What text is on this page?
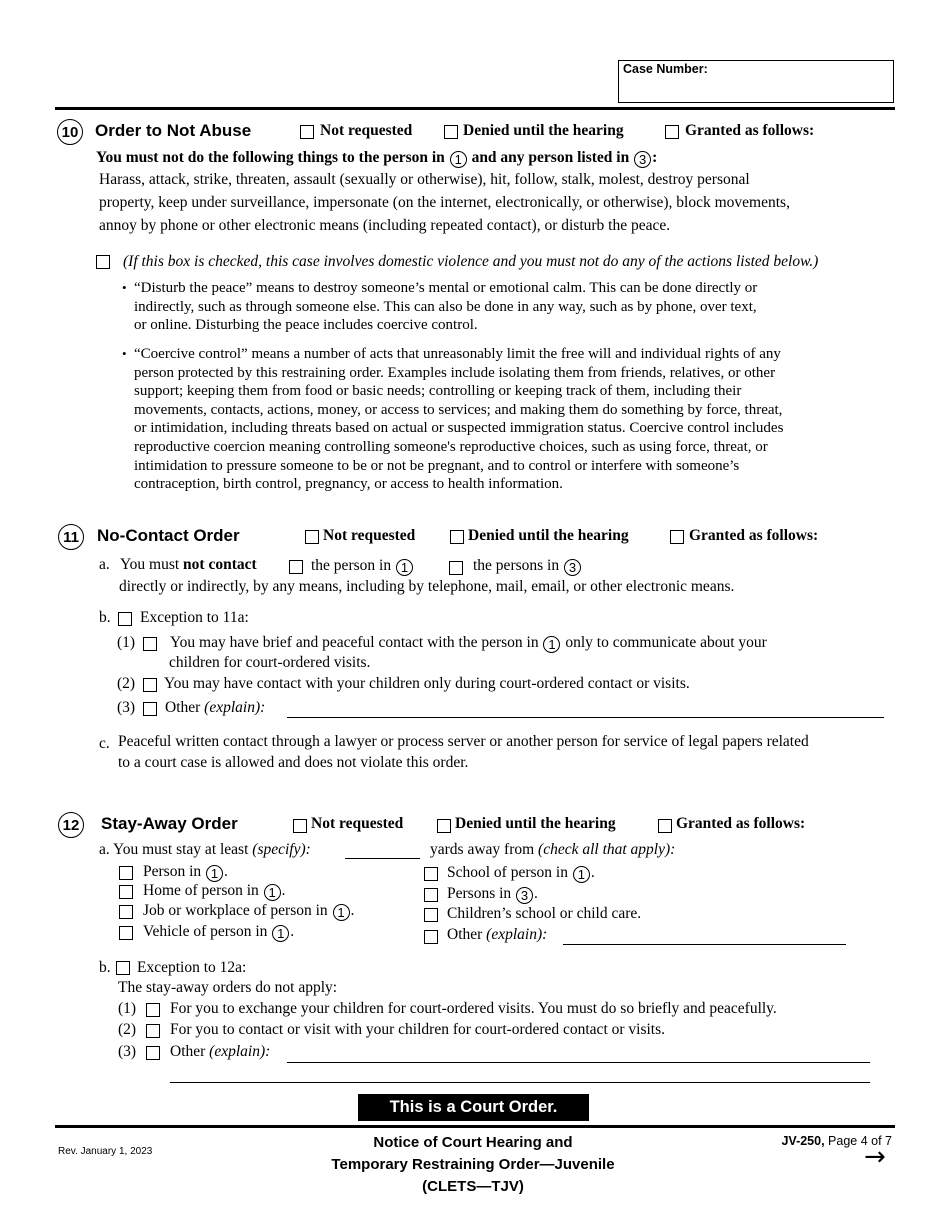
Case Number:
10 Order to Not Abuse	Not requested	Denied until the hearing	Granted as follows:
You must not do the following things to the person in 1 and any person listed in 3 :
Harass, attack, strike, threaten, assault (sexually or otherwise), hit, follow, stalk, molest, destroy personal
property, keep under surveillance, impersonate (on the internet, electronically, or otherwise), block movements,
annoy by phone or other electronic means (including repeated contact), or disturb the peace.
(If this box is checked, this case involves domestic violence and you must not do any of the actions listed below.)
• “Disturb the peace” means to destroy someone’s mental or emotional calm. This can be done directly or
indirectly, such as through someone else. This can also be done in any way, such as by phone, over text,
or online. Disturbing the peace includes coercive control.
• “Coercive control” means a number of acts that unreasonably limit the free will and individual rights of any
person protected by this restraining order. Examples include isolating them from friends, relatives, or other
support; keeping them from food or basic needs; controlling or keeping track of them, including their
movements, contacts, actions, money, or access to services; and making them do something by force, threat,
or intimidation, including threats based on actual or suspected immigration status. Coercive control includes
reproductive coercion meaning controlling someone's reproductive choices, such as using force, threat, or
intimidation to pressure someone to be or not be pregnant, and to control or interfere with someone’s
contraception, birth control, pregnancy, or access to health information.
11 No-Contact Order	Not requested	Denied until the hearing	Granted as follows:
a. You must not contact	the person in 1	the persons in 3
directly or indirectly, by any means, including by telephone, mail, email, or other electronic means.
b. Exception to 11a:
(1) You may have brief and peaceful contact with the person in 1 only to communicate about your
children for court-ordered visits.
(2) You may have contact with your children only during court-ordered contact or visits.
(3) Other (explain):
c. Peaceful written contact through a lawyer or process server or another person for service of legal papers related
to a court case is allowed and does not violate this order.
12 Stay-Away Order	Not requested	Denied until the hearing	Granted as follows:
a. You must stay at least (specify):	yards away from (check all that apply):
Person in 1 .
Home of person in 1 .
Job or workplace of person in 1 .
Vehicle of person in 1 .
School of person in 1 .
Persons in 3 .
Children’s school or child care.
Other (explain):
b. Exception to 12a:
The stay-away orders do not apply:
(1) For you to exchange your children for court-ordered visits. You must do so briefly and peacefully.
(2) For you to contact or visit with your children for court-ordered contact or visits.
(3) Other (explain):
This is a Court Order.
Rev. January 1, 2023
Notice of Court Hearing and
Temporary Restraining Order—Juvenile
(CLETS—TJV)
JV-250, Page 4 of 7
→
